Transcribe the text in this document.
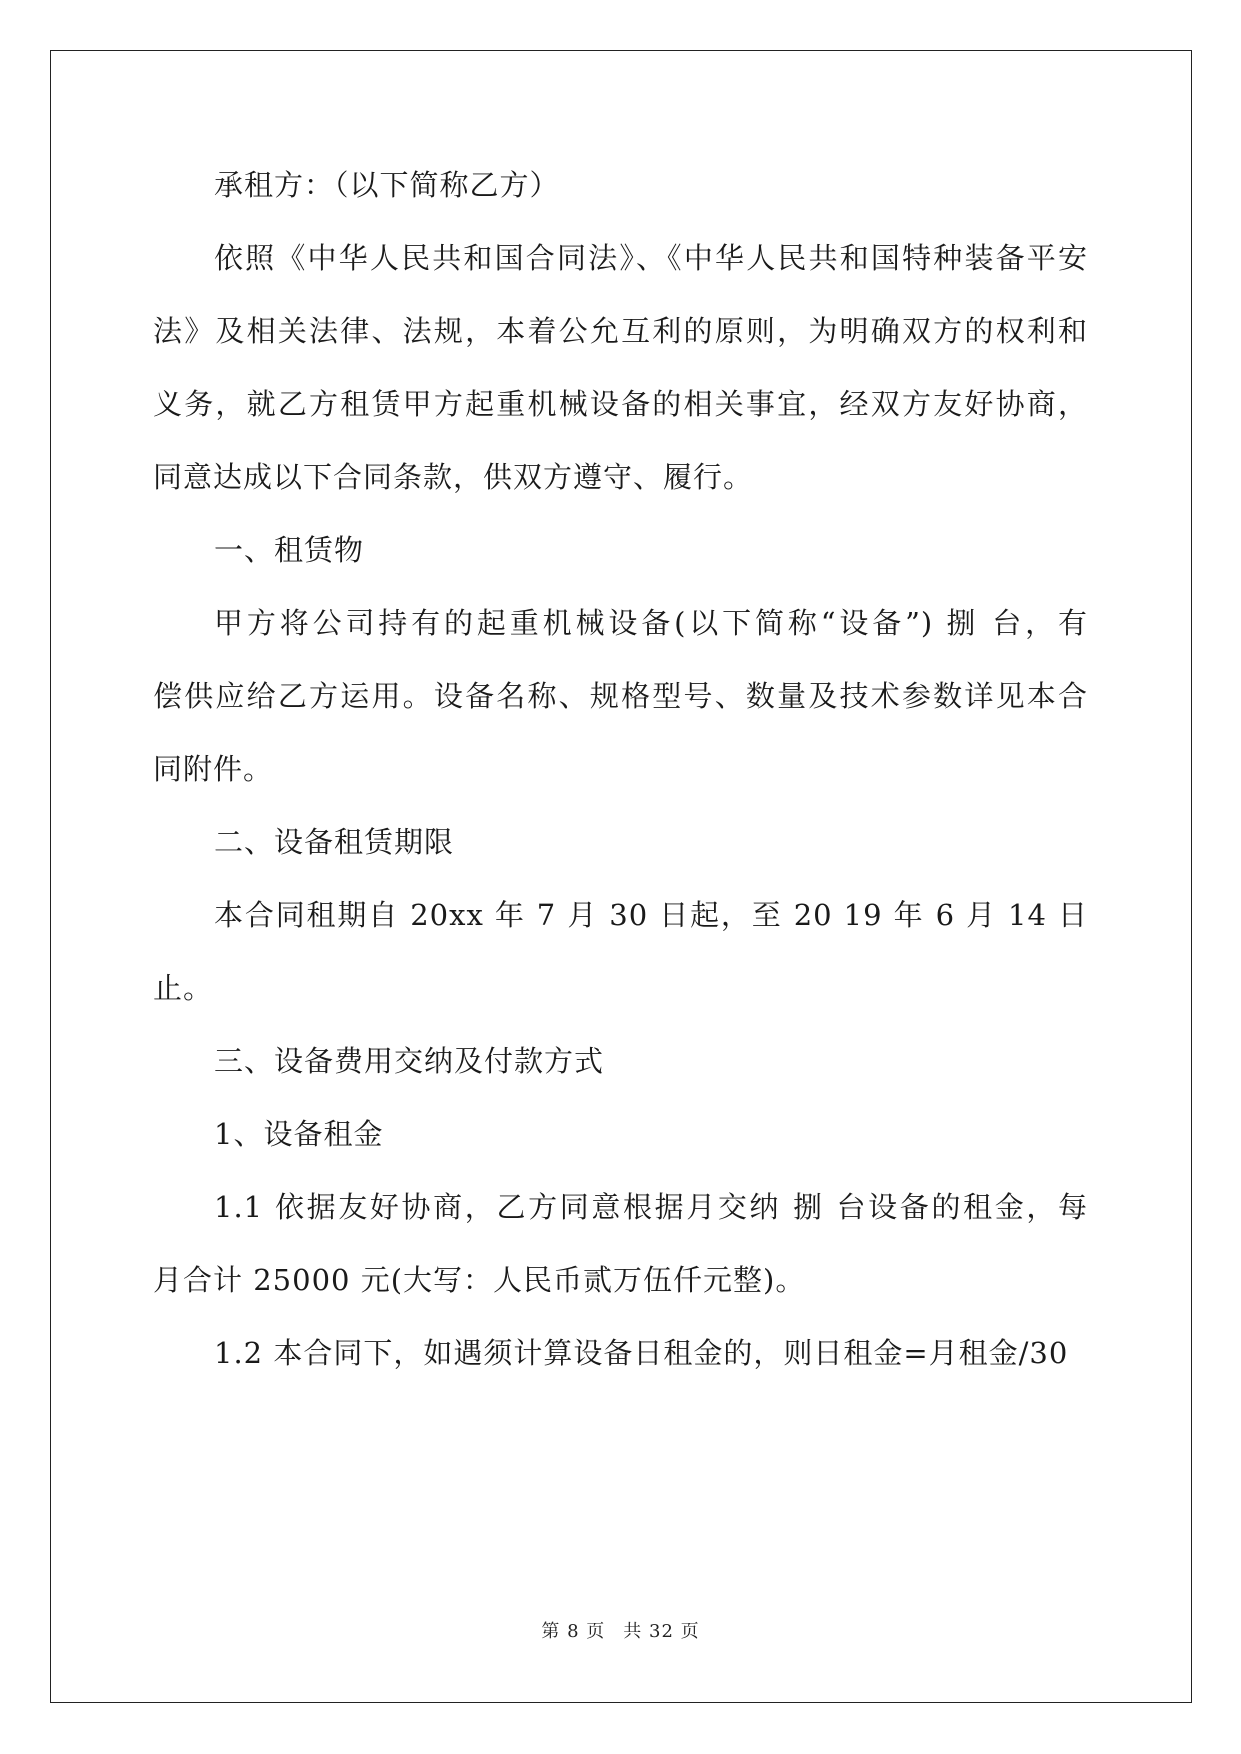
承租方：（以下简称乙方）
依照《中华人民共和国合同法》、《中华人民共和国特种装备平安
法》及相关法律、法规，本着公允互利的原则，为明确双方的权利和
义务，就乙方租赁甲方起重机械设备的相关事宜，经双方友好协商，
同意达成以下合同条款，供双方遵守、履行。
一、租赁物
甲方将公司持有的起重机械设备(以下简称“设备”) 捌 台，有
偿供应给乙方运用。设备名称、规格型号、数量及技术参数详见本合
同附件。
二、设备租赁期限
本合同租期自 20xx 年 7 月 30 日起，至 20 19 年 6 月 14 日
止。
三、设备费用交纳及付款方式
1、设备租金
1.1 依据友好协商，乙方同意根据月交纳 捌 台设备的租金，每
月合计 25000 元(大写：人民币贰万伍仟元整)。
1.2 本合同下，如遇须计算设备日租金的，则日租金=月租金/30
第 8 页 共 32 页
